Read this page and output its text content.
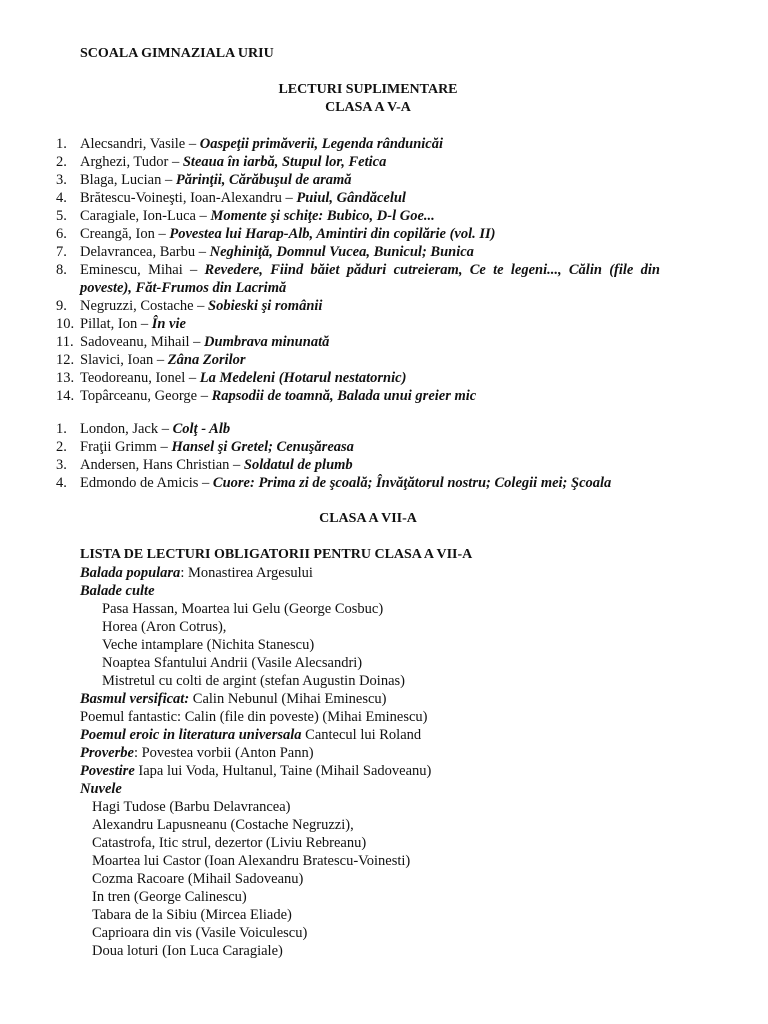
SCOALA GIMNAZIALA URIU
LECTURI SUPLIMENTARE
CLASA A V-A
1. Alecsandri, Vasile – Oaspeţii primăverii, Legenda rândunicăi
2. Arghezi, Tudor – Steaua în iarbă, Stupul lor, Fetica
3. Blaga, Lucian – Părinţii, Cărăbuşul de aramă
4. Brătescu-Voineşti, Ioan-Alexandru – Puiul, Gândăcelul
5. Caragiale, Ion-Luca – Momente şi schiţe: Bubico, D-l Goe...
6. Creangă, Ion – Povestea lui Harap-Alb, Amintiri din copilărie (vol. II)
7. Delavrancea, Barbu – Neghiniţă, Domnul Vucea, Bunicul; Bunica
8. Eminescu, Mihai – Revedere, Fiind băiet păduri cutreieram, Ce te legeni..., Călin (file din poveste), Făt-Frumos din Lacrimă
9. Negruzzi, Costache – Sobieski şi românii
10. Pillat, Ion – În vie
11. Sadoveanu, Mihail – Dumbrava minunată
12. Slavici, Ioan – Zâna Zorilor
13. Teodoreanu, Ionel – La Medeleni (Hotarul nestatornic)
14. Topârceanu, George – Rapsodii de toamnă, Balada unui greier mic
1. London, Jack – Colţ - Alb
2. Fraţii Grimm – Hansel şi Gretel; Cenuşăreasa
3. Andersen, Hans Christian – Soldatul de plumb
4. Edmondo de Amicis – Cuore: Prima zi de şcoală; Învăţătorul nostru; Colegii mei; Şcoala
CLASA A VII-A
LISTA DE LECTURI OBLIGATORII PENTRU CLASA A VII-A
Balada populara: Monastirea Argesului
Balade culte
Pasa Hassan, Moartea lui Gelu (George Cosbuc)
Horea (Aron Cotrus),
Veche intamplare (Nichita Stanescu)
Noaptea Sfantului Andrii (Vasile Alecsandri)
Mistretul cu colti de argint (stefan Augustin Doinas)
Basmul versificat: Calin Nebunul (Mihai Eminescu)
Poemul fantastic: Calin (file din poveste) (Mihai Eminescu)
Poemul eroic in literatura universala Cantecul lui Roland
Proverbe: Povestea vorbii (Anton Pann)
Povestire Iapa lui Voda, Hultanul, Taine (Mihail Sadoveanu)
Nuvele
Hagi Tudose (Barbu Delavrancea)
Alexandru Lapusneanu (Costache Negruzzi),
Catastrofa, Itic strul, dezertor (Liviu Rebreanu)
Moartea lui Castor (Ioan Alexandru Bratescu-Voinesti)
Cozma Racoare (Mihail Sadoveanu)
In tren (George Calinescu)
Tabara de la Sibiu (Mircea Eliade)
Caprioara din vis (Vasile Voiculescu)
Doua loturi (Ion Luca Caragiale)
